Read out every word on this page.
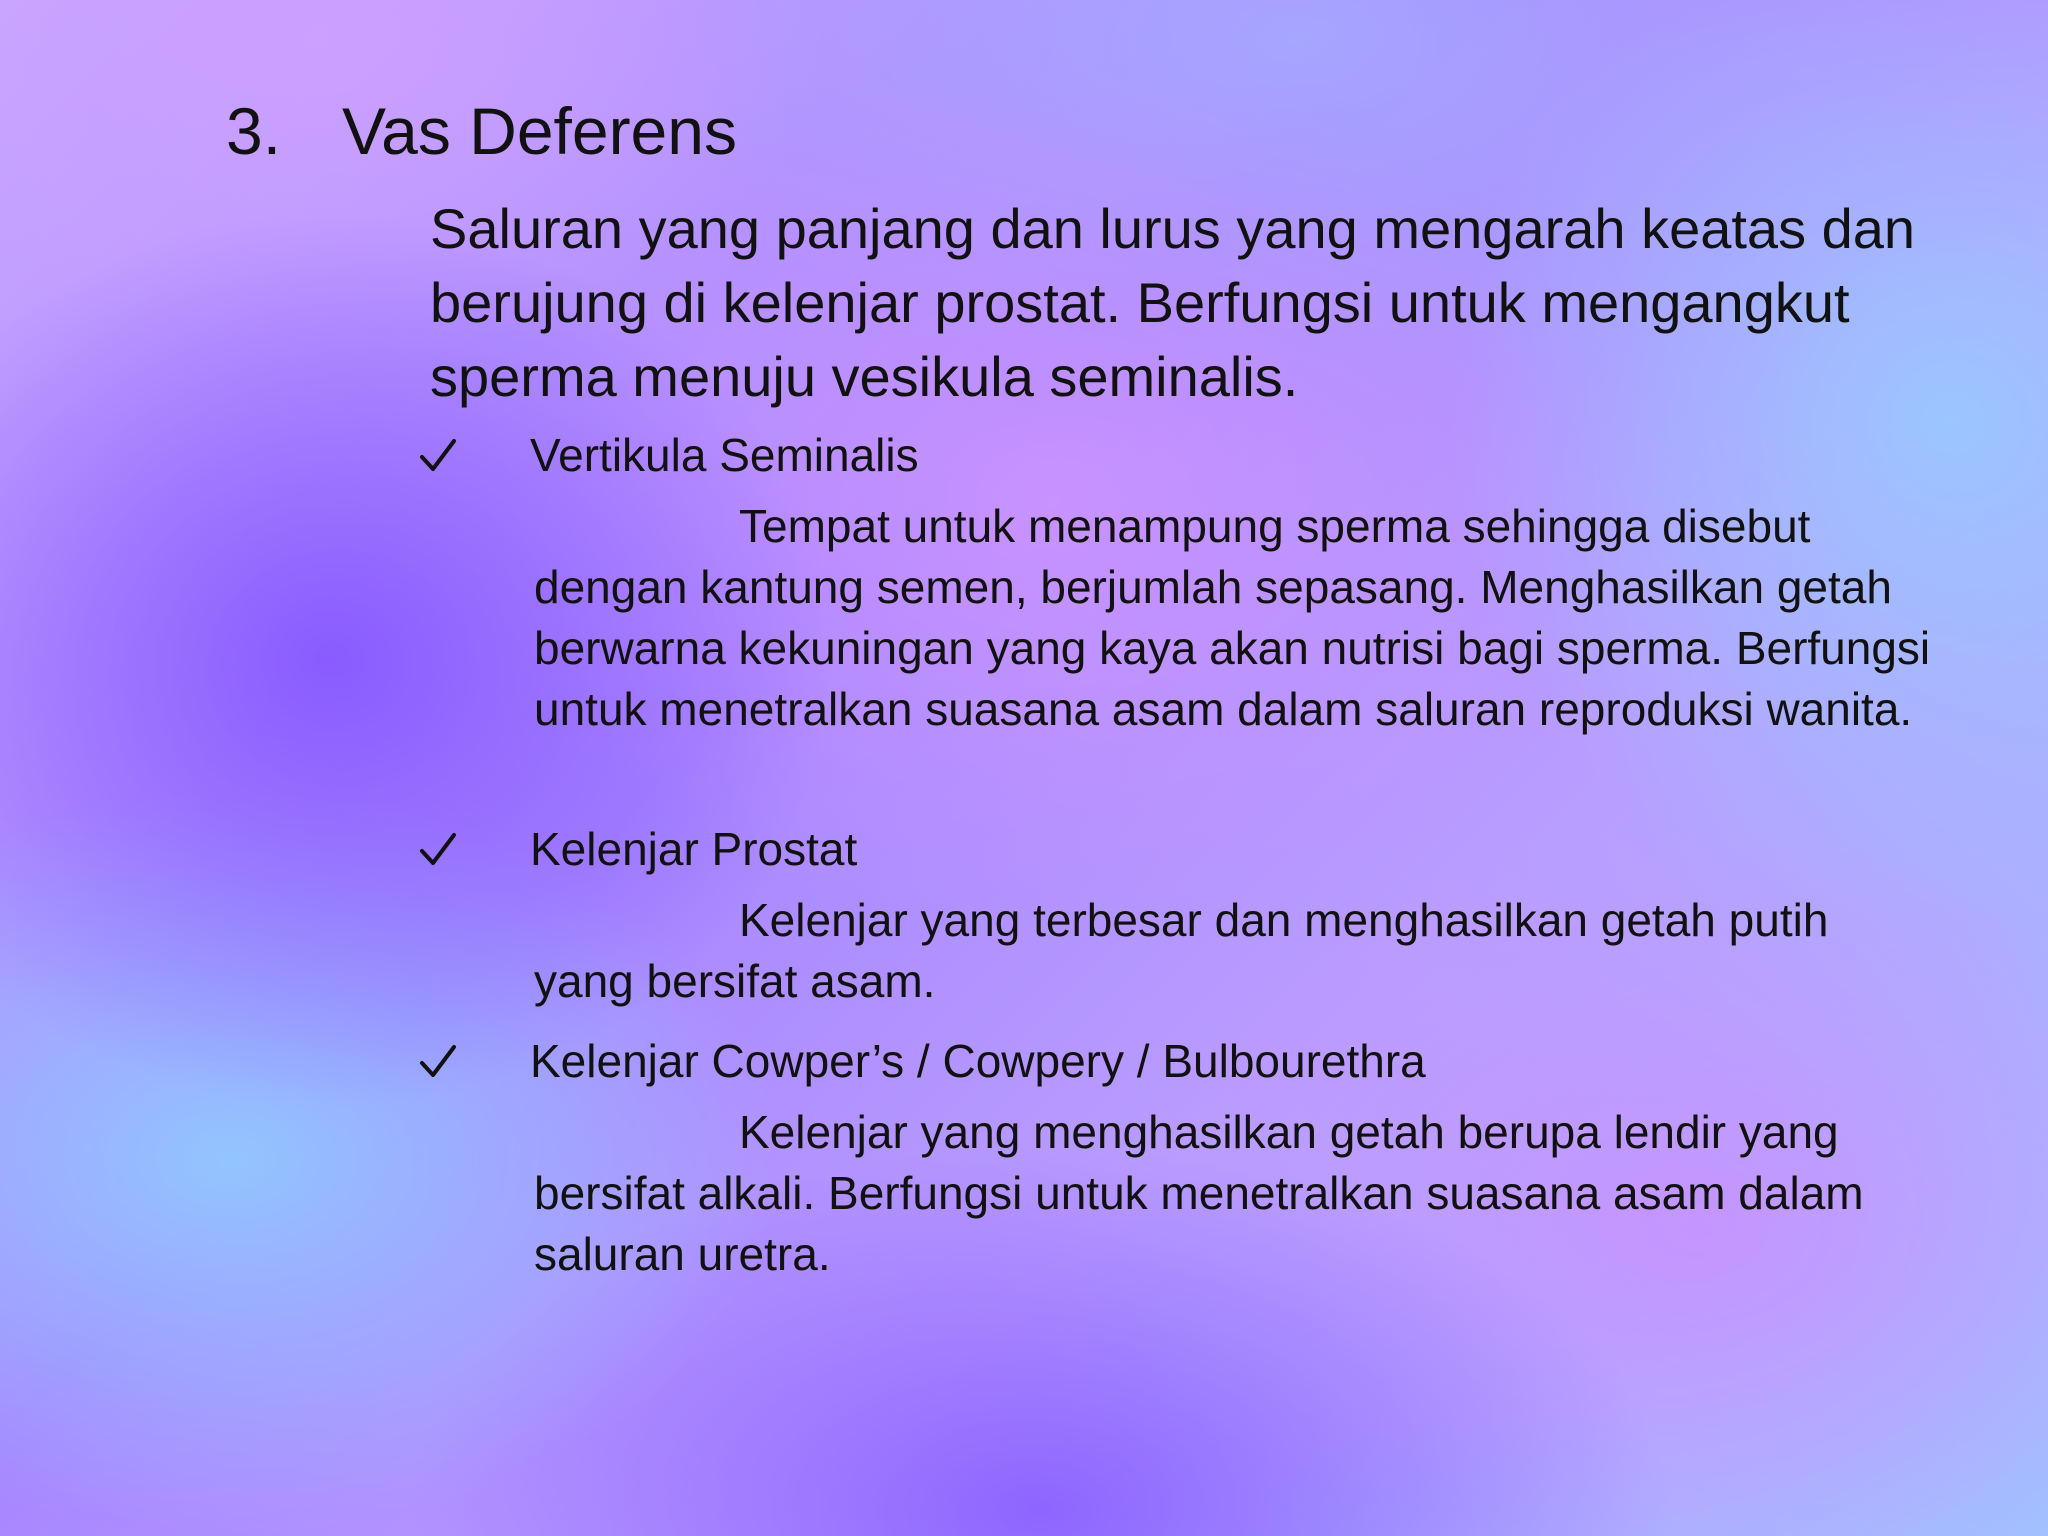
3. Vas Deferens

Saluran yang panjang dan lurus yang mengarah keatas dan berujung di kelenjar prostat. Berfungsi untuk mengangkut sperma menuju vesikula seminalis.

Vertikula Seminalis
Tempat untuk menampung sperma sehingga disebut dengan kantung semen, berjumlah sepasang. Menghasilkan getah berwarna kekuningan yang kaya akan nutrisi bagi sperma. Berfungsi untuk menetralkan suasana asam dalam saluran reproduksi wanita.
Kelenjar Prostat
Kelenjar yang terbesar dan menghasilkan getah putih yang bersifat asam.
Kelenjar Cowper’s / Cowpery / Bulbourethra
Kelenjar yang menghasilkan getah berupa lendir yang bersifat alkali. Berfungsi untuk menetralkan suasana asam dalam saluran uretra.
